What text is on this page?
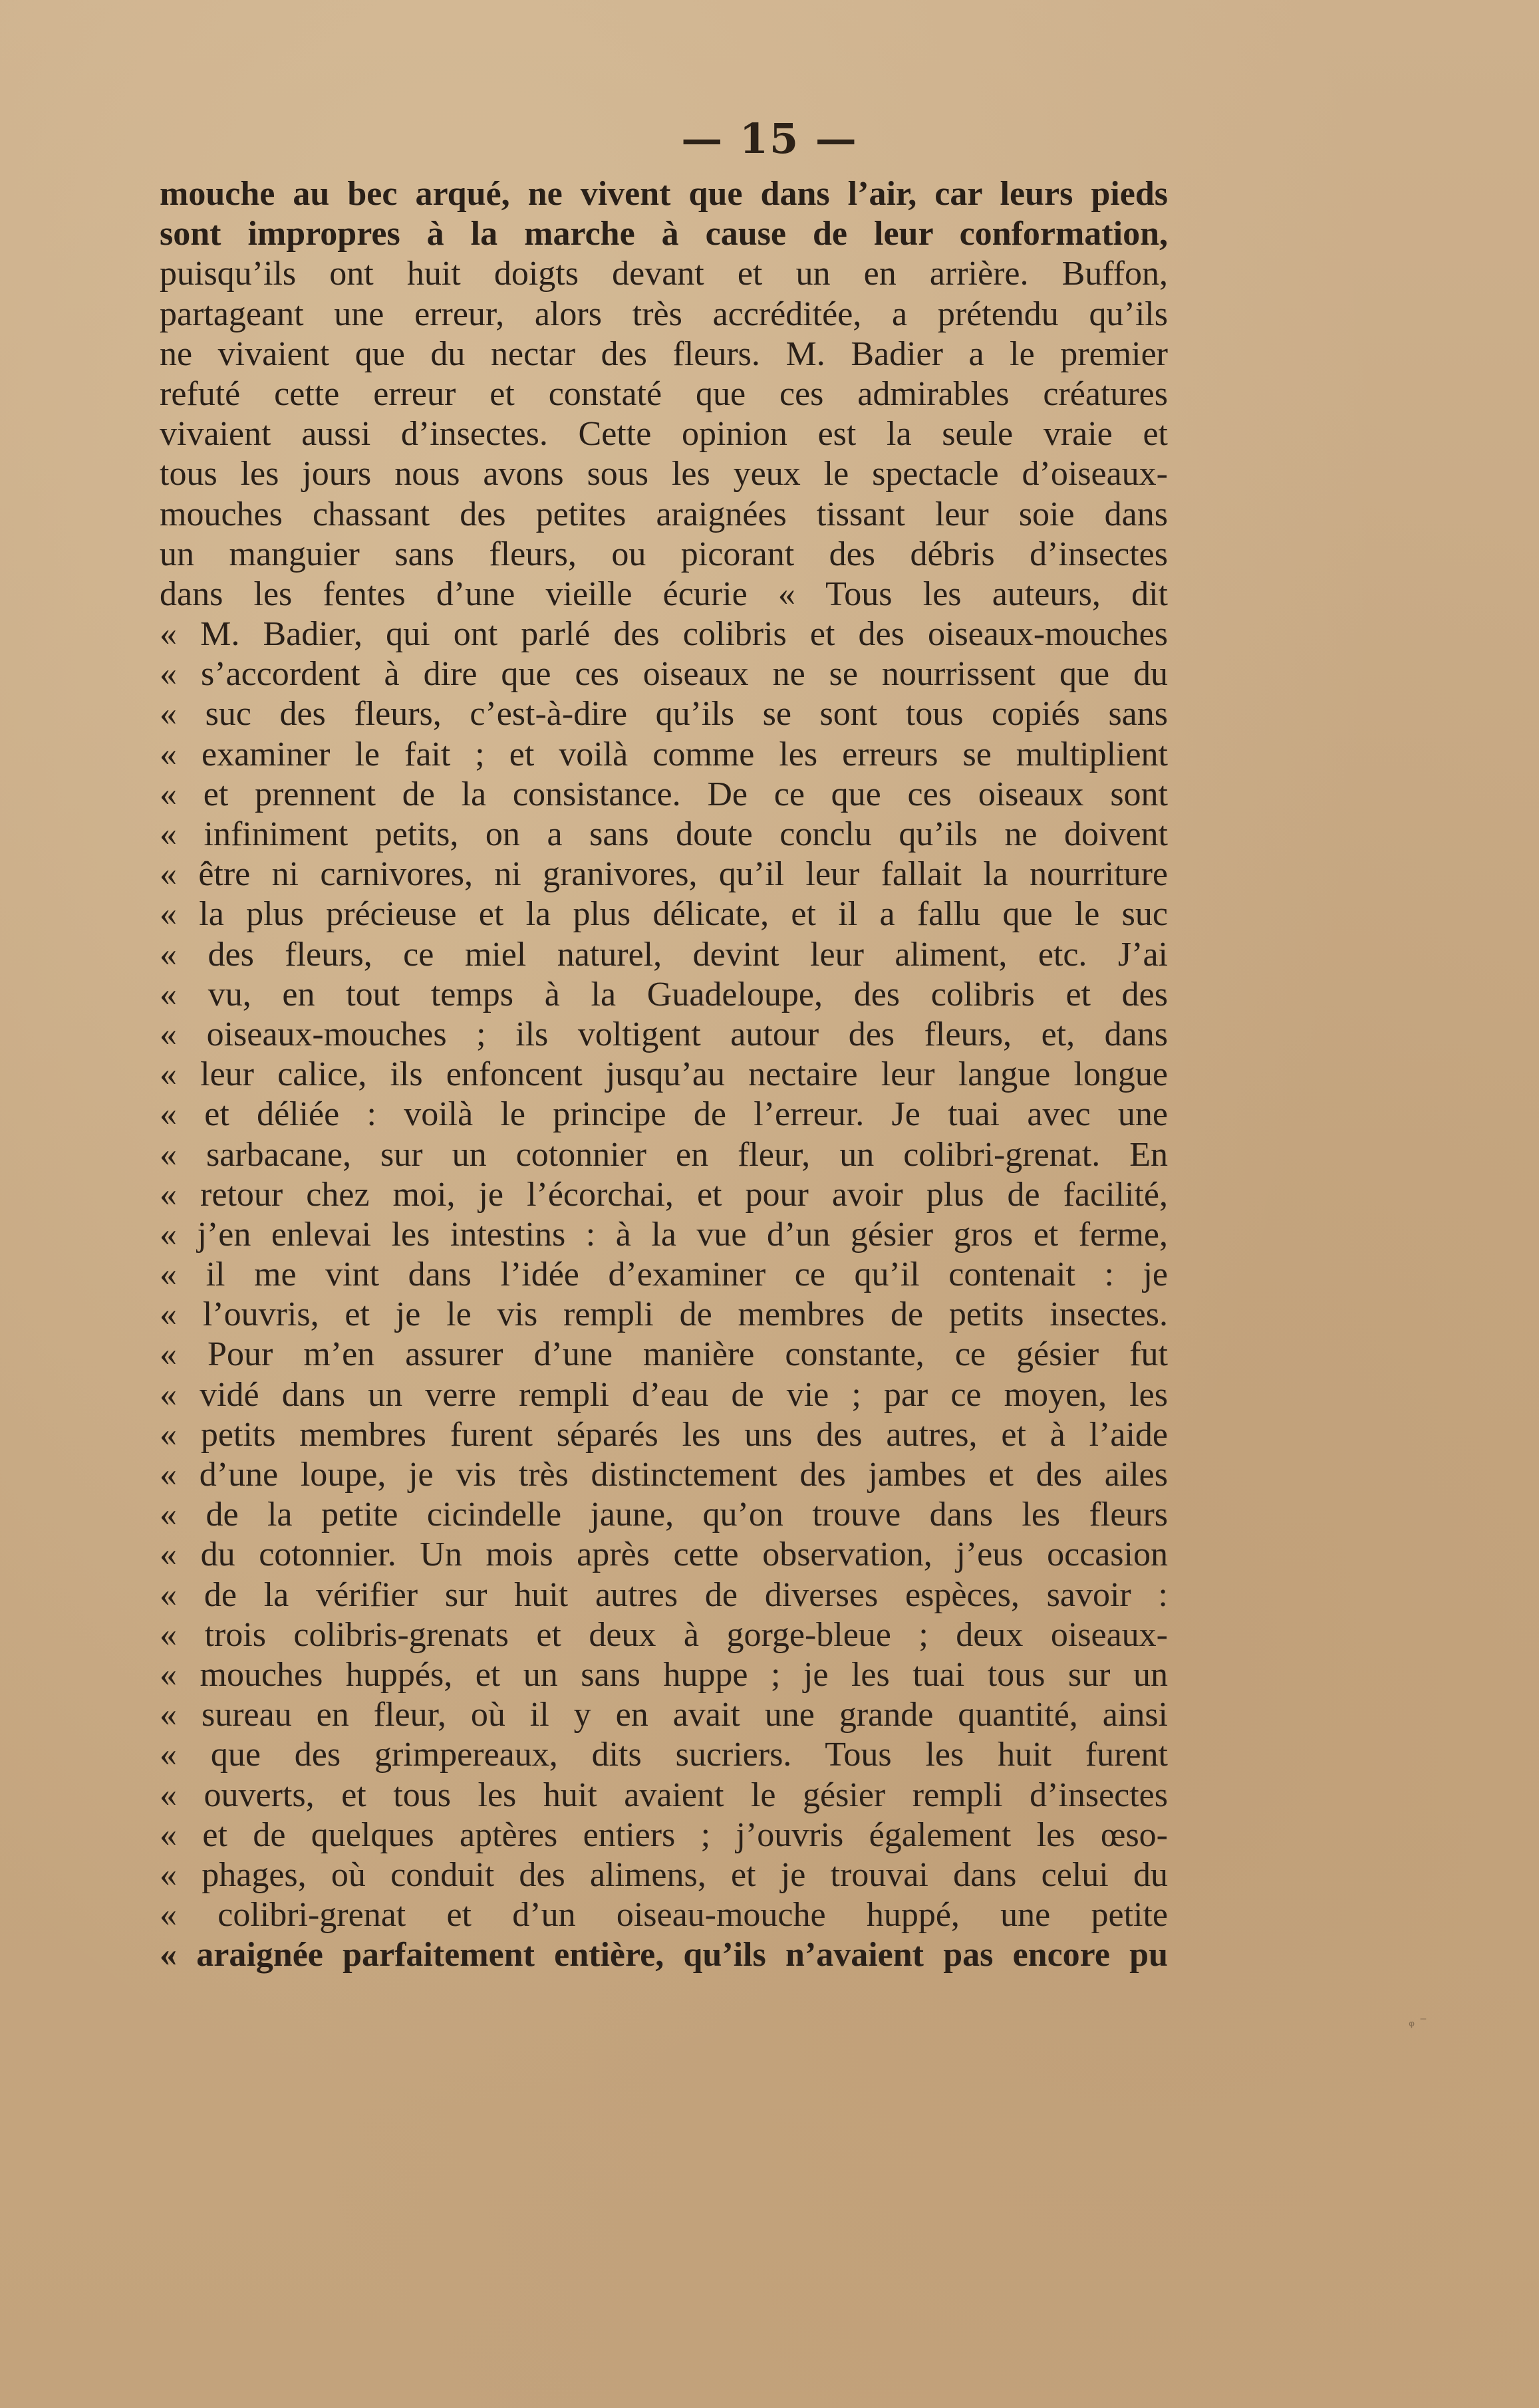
— 15 —
mouche au bec arqué, ne vivent que dans l’air, car leurs pieds
sont impropres à la marche à cause de leur conformation,
puisqu’ils ont huit doigts devant et un en arrière. Buffon,
partageant une erreur, alors très accréditée, a prétendu qu’ils
ne vivaient que du nectar des fleurs. M. Badier a le premier
refuté cette erreur et constaté que ces admirables créatures
vivaient aussi d’insectes. Cette opinion est la seule vraie et
tous les jours nous avons sous les yeux le spectacle d’oiseaux-
mouches chassant des petites araignées tissant leur soie dans
un manguier sans fleurs, ou picorant des débris d’insectes
dans les fentes d’une vieille écurie « Tous les auteurs, dit
« M. Badier, qui ont parlé des colibris et des oiseaux-mouches
« s’accordent à dire que ces oiseaux ne se nourrissent que du
« suc des fleurs, c’est-à-dire qu’ils se sont tous copiés sans
« examiner le fait ; et voilà comme les erreurs se multiplient
« et prennent de la consistance. De ce que ces oiseaux sont
« infiniment petits, on a sans doute conclu qu’ils ne doivent
« être ni carnivores, ni granivores, qu’il leur fallait la nourriture
« la plus précieuse et la plus délicate, et il a fallu que le suc
« des fleurs, ce miel naturel, devint leur aliment, etc. J’ai
« vu, en tout temps à la Guadeloupe, des colibris et des
« oiseaux-mouches ; ils voltigent autour des fleurs, et, dans
« leur calice, ils enfoncent jusqu’au nectaire leur langue longue
« et déliée : voilà le principe de l’erreur. Je tuai avec une
« sarbacane, sur un cotonnier en fleur, un colibri-grenat. En
« retour chez moi, je l’écorchai, et pour avoir plus de facilité,
« j’en enlevai les intestins : à la vue d’un gésier gros et ferme,
« il me vint dans l’idée d’examiner ce qu’il contenait : je
« l’ouvris, et je le vis rempli de membres de petits insectes.
« Pour m’en assurer d’une manière constante, ce gésier fut
« vidé dans un verre rempli d’eau de vie ; par ce moyen, les
« petits membres furent séparés les uns des autres, et à l’aide
« d’une loupe, je vis très distinctement des jambes et des ailes
« de la petite cicindelle jaune, qu’on trouve dans les fleurs
« du cotonnier. Un mois après cette observation, j’eus occasion
« de la vérifier sur huit autres de diverses espèces, savoir :
« trois colibris-grenats et deux à gorge-bleue ; deux oiseaux-
« mouches huppés, et un sans huppe ; je les tuai tous sur un
« sureau en fleur, où il y en avait une grande quantité, ainsi
« que des grimpereaux, dits sucriers. Tous les huit furent
« ouverts, et tous les huit avaient le gésier rempli d’insectes
« et de quelques aptères entiers ; j’ouvris également les œso-
« phages, où conduit des alimens, et je trouvai dans celui du
« colibri-grenat et d’un oiseau-mouche huppé, une petite
« araignée parfaitement entière, qu’ils n’avaient pas encore pu
ᵩ ⁻
